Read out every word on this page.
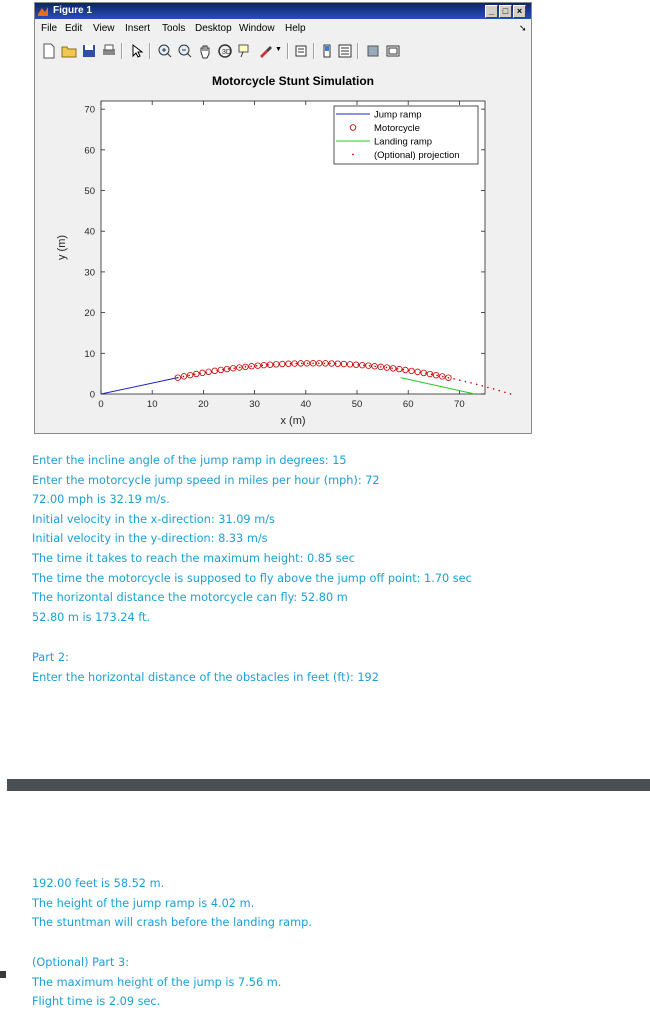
Figure 1	_ □ ×
File Edit View Insert Tools Desktop Window Help	➘
3D	▼
Motorcycle Stunt Simulation
x (m)
y (m)
0	10	20	30	40	50	60	70
0
10
20
30
40
50
60
70	Jump ramp
Motorcycle
Landing ramp
(Optional) projection
Enter the incline angle of the jump ramp in degrees: 15
Enter the motorcycle jump speed in miles per hour (mph): 72
72.00 mph is 32.19 m/s.
Initial velocity in the x-direction: 31.09 m/s
Initial velocity in the y-direction: 8.33 m/s
The time it takes to reach the maximum height: 0.85 sec
The time the motorcycle is supposed to fly above the jump off point: 1.70 sec
The horizontal distance the motorcycle can fly: 52.80 m
52.80 m is 173.24 ft.
Part 2:
Enter the horizontal distance of the obstacles in feet (ft): 192
192.00 feet is 58.52 m.
The height of the jump ramp is 4.02 m.
The stuntman will crash before the landing ramp.
(Optional) Part 3:
The maximum height of the jump is 7.56 m.
Flight time is 2.09 sec.
